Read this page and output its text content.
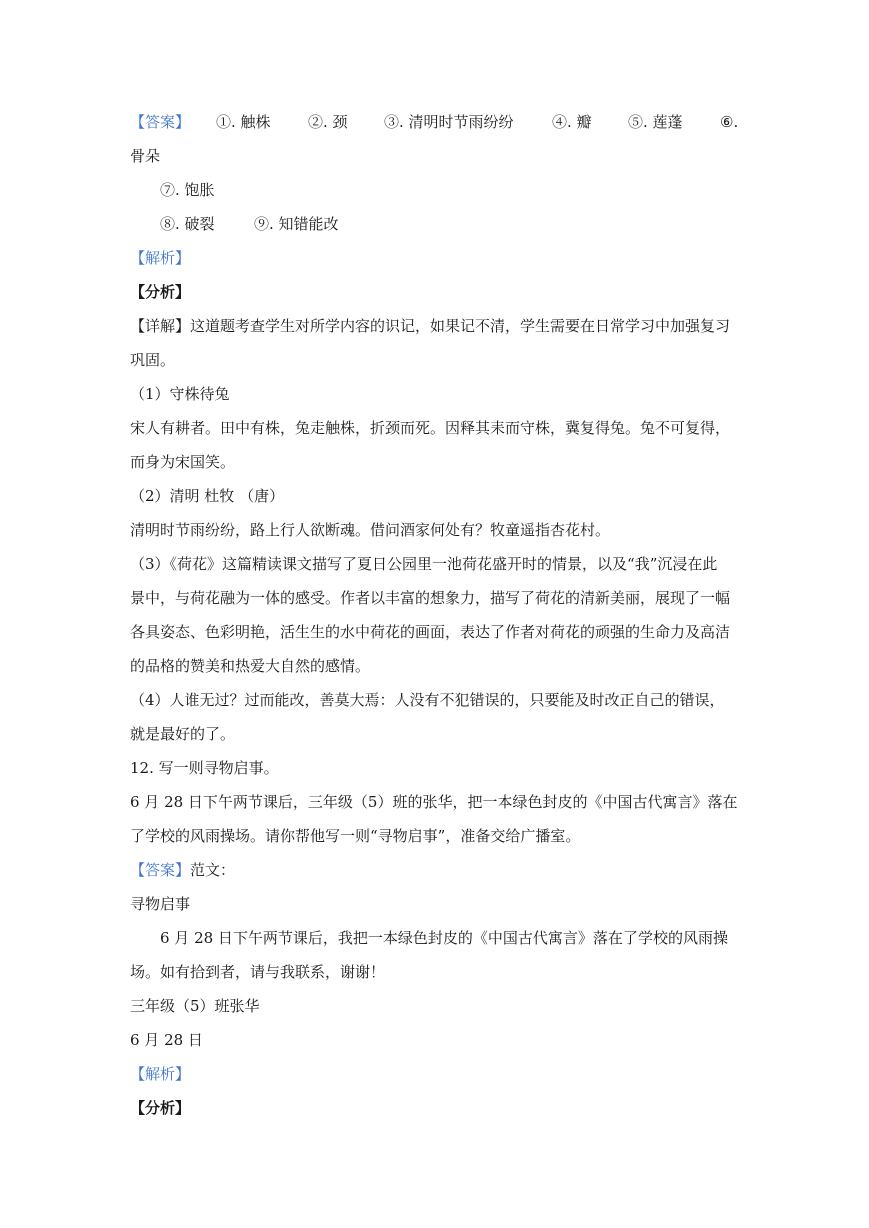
【答案】 ①. 触株 ②. 颈 ③. 清明时节雨纷纷	④. 瓣 ⑤. 莲蓬 ⑥.
骨朵
⑦. 饱胀
⑧. 破裂	⑨. 知错能改
【解析】
【分析】
【详解】这道题考查学生对所学内容的识记，如果记不清，学生需要在日常学习中加强复习
巩固。
（1）守株待兔
宋人有耕者。田中有株，兔走触株，折颈而死。因释其耒而守株，冀复得兔。兔不可复得，
而身为宋国笑。
（2）清明 杜牧 （唐）
清明时节雨纷纷，路上行人欲断魂。借问酒家何处有？牧童遥指杏花村。
（3）《荷花》这篇精读课文描写了夏日公园里一池荷花盛开时的情景，以及“我”沉浸在此
景中，与荷花融为一体的感受。作者以丰富的想象力，描写了荷花的清新美丽，展现了一幅
各具姿态、色彩明艳，活生生的水中荷花的画面，表达了作者对荷花的顽强的生命力及高洁
的品格的赞美和热爱大自然的感情。
（4）人谁无过？过而能改，善莫大焉：人没有不犯错误的，只要能及时改正自己的错误，
就是最好的了。
12. 写一则寻物启事。
6 月 28 日下午两节课后，三年级（5）班的张华，把一本绿色封皮的《中国古代寓言》落在
了学校的风雨操场。请你帮他写一则“寻物启事”，准备交给广播室。
【答案】范文：
寻物启事
6 月 28 日下午两节课后，我把一本绿色封皮的《中国古代寓言》落在了学校的风雨操
场。如有拾到者，请与我联系，谢谢！
三年级（5）班张华
6 月 28 日
【解析】
【分析】
